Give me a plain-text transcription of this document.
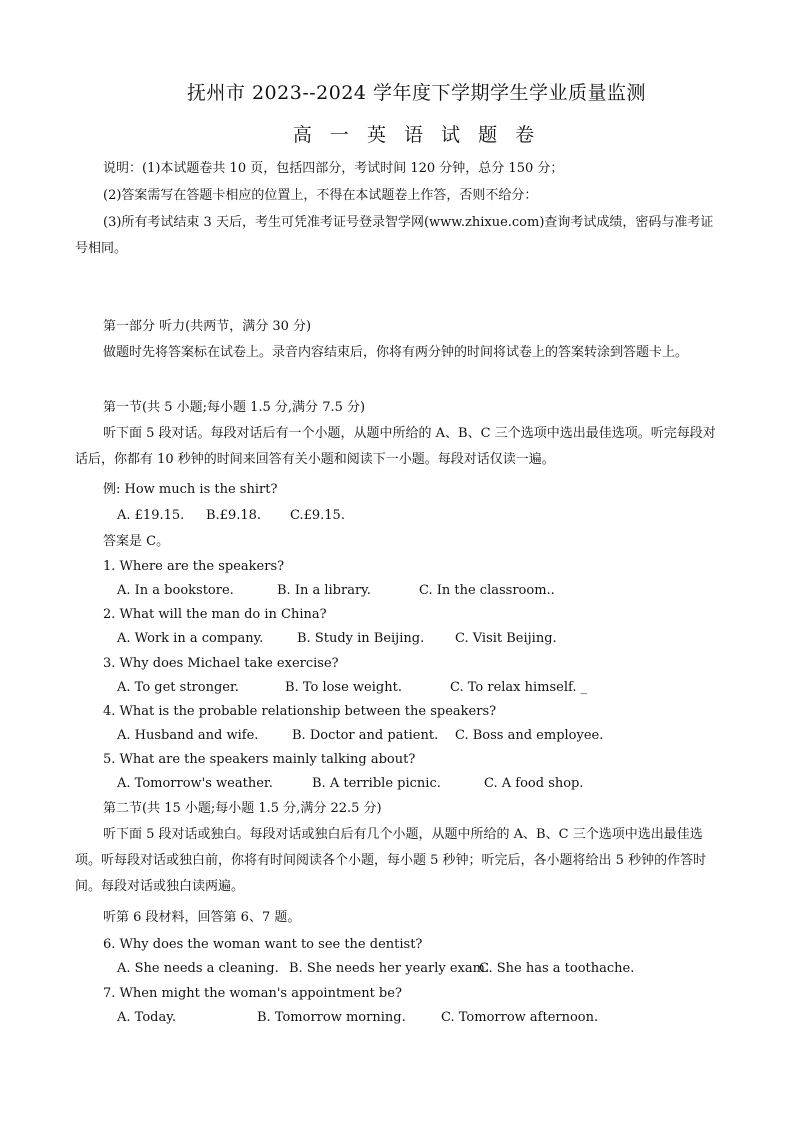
抚州市 2023--2024 学年度下学期学生学业质量监测
高 一 英 语 试 题 卷
说明：(1)本试题卷共 10 页，包括四部分，考试时间 120 分钟，总分 150 分；
(2)答案需写在答题卡相应的位置上，不得在本试题卷上作答，否则不给分：
(3)所有考试结束 3 天后，考生可凭准考证号登录智学网(www.zhixue.com)查询考试成绩，密码与准考证号相同。
第一部分 听力(共两节，满分 30 分)
做题时先将答案标在试卷上。录音内容结束后，你将有两分钟的时间将试卷上的答案转涂到答题卡上。
第一节(共 5 小题;每小题 1.5 分,满分 7.5 分)
听下面 5 段对话。每段对话后有一个小题，从题中所给的 A、B、C 三个选项中选出最佳选项。听完每段对话后，你都有 10 秒钟的时间来回答有关小题和阅读下一小题。每段对话仅读一遍。
例: How much is the shirt?
A. £19.15. B.£9.18. C.£9.15.
答案是 C。
1. Where are the speakers?
A. In a bookstore.	B. In a library.	C. In the classroom..
2. What will the man do in China?
A. Work in a company.	B. Study in Beijing. C. Visit Beijing.
3. Why does Michael take exercise?
A. To get stronger.	B. To lose weight.	C. To relax himself. _
4. What is the probable relationship between the speakers?
A. Husband and wife.	B. Doctor and patient. C. Boss and employee.
5. What are the speakers mainly talking about?
A. Tomorrow's weather.	B. A terrible picnic.	C. A food shop.
第二节(共 15 小题;每小题 1.5 分,满分 22.5 分)
听下面 5 段对话或独白。每段对话或独白后有几个小题，从题中所给的 A、B、C 三个选项中选出最佳选项。听每段对话或独白前，你将有时间阅读各个小题，每小题 5 秒钟；听完后，各小题将给出 5 秒钟的作答时间。每段对话或独白读两遍。
听第 6 段材料，回答第 6、7 题。
6. Why does the woman want to see the dentist?
A. She needs a cleaning. B. She needs her yearly exam.C. She has a toothache.
7. When might the woman's appointment be?
A. Today.	B. Tomorrow morning.	C. Tomorrow afternoon.
